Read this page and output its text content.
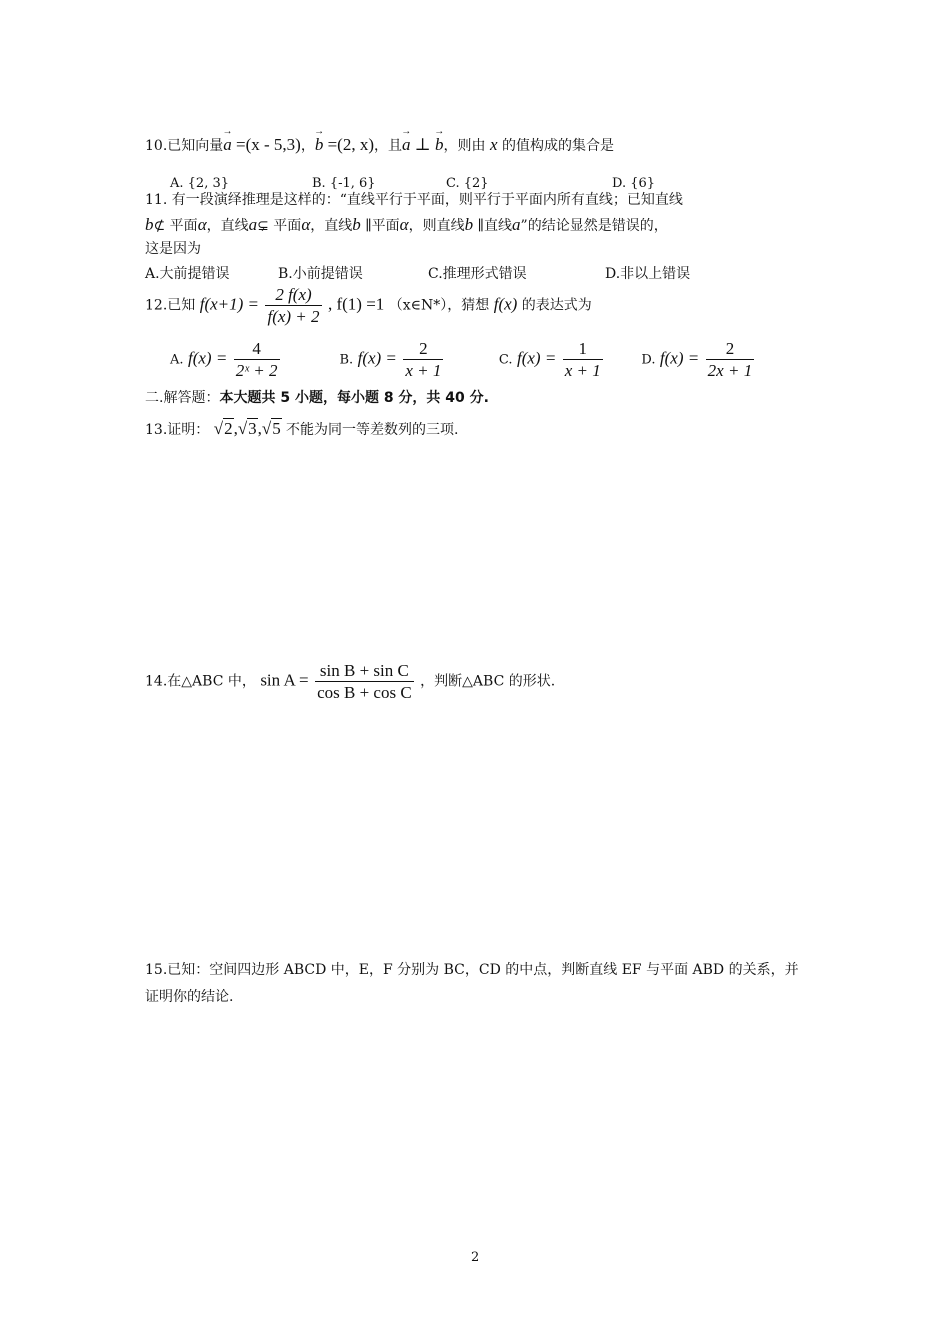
10.已知向量→ a =(x - 5,3)，→ b =(2, x)，且→ a ⊥ → b，则由 x 的值构成的集合是
A. {2, 3}	B. {-1, 6}	C. {2}	D. {6}
11. 有一段演绎推理是这样的：“直线平行于平面，则平行于平面内所有直线；已知直线
b⊄ 平面α，直线a⊊ 平面α，直线b ∥平面α，则直线b ∥直线a”的结论显然是错误的，
这是因为
A.大前提错误	B.小前提错误	C.推理形式错误	D.非以上错误
12.已知 $f(x+1) = \frac{2 f(x)}{f(x) + 2}$ , f(1) =1 （x∈N*），猜想 f(x) 的表达式为
A. $f(x) = \frac{4}{\text{2ˣ + 2}}$	B. $f(x) = \frac{2}{x + 1}$	C. $f(x) = \frac{1}{x + 1}$	D. $f(x) = \frac{2}{2x + 1}$
二.解答题：本大题共 5 小题，每小题 8 分，共 40 分.
13.证明： √2,√3,√5 不能为同一等差数列的三项.
14.在△ABC 中， $\sin A = \frac{\text{sin B + sin C}}{\text{cos B + cos C}}$ ，判断△ABC 的形状.
15.已知：空间四边形 ABCD 中，E，F 分别为 BC，CD 的中点，判断直线 EF 与平面 ABD 的关系，并
证明你的结论.
2
